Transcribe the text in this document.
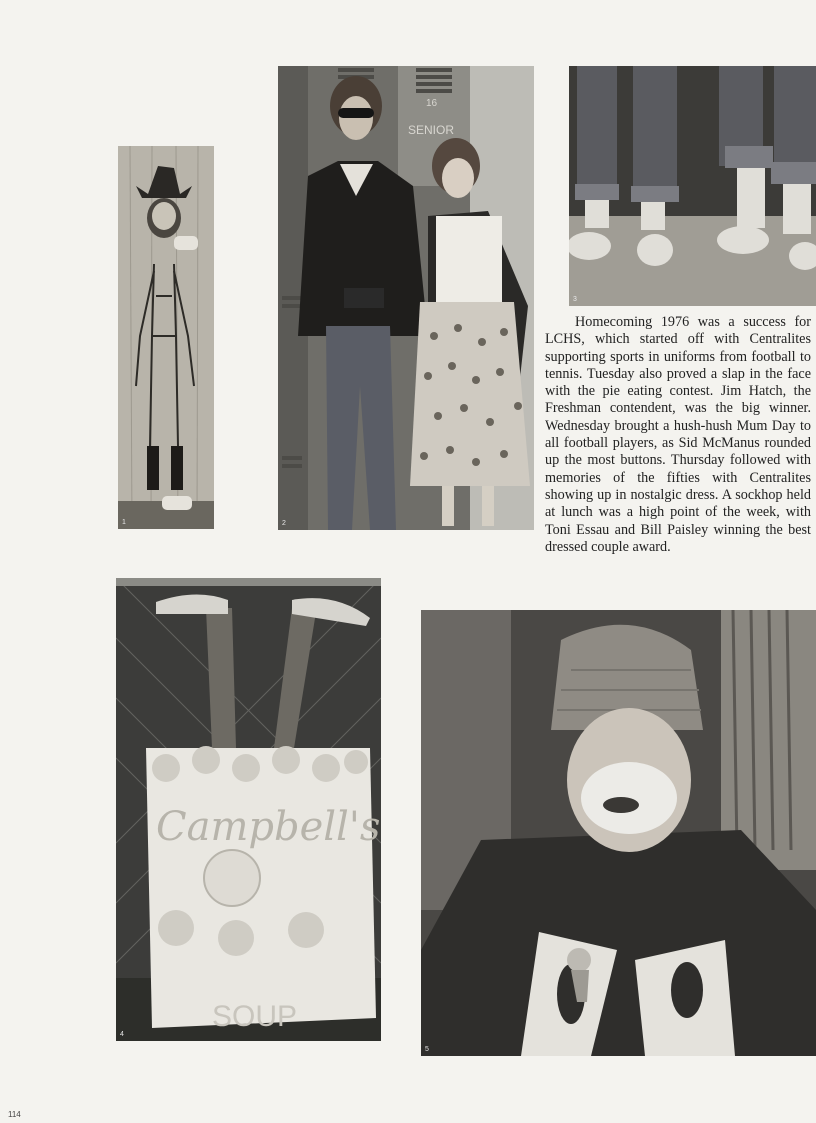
1
16
SENIOR
2
3
Campbell's
SOUP
4
5

Homecoming 1976 was a success for LCHS, which started off with Centralites supporting sports in uniforms from football to tennis. Tuesday also proved a slap in the face with the pie eating contest. Jim Hatch, the Freshman contendent, was the big winner. Wednesday brought a hush-hush Mum Day to all football players, as Sid McManus rounded up the most buttons. Thursday followed with memories of the fifties with Centralites showing up in nostalgic dress. A sockhop held at lunch was a high point of the week, with Toni Essau and Bill Paisley winning the best dressed couple award.

114
